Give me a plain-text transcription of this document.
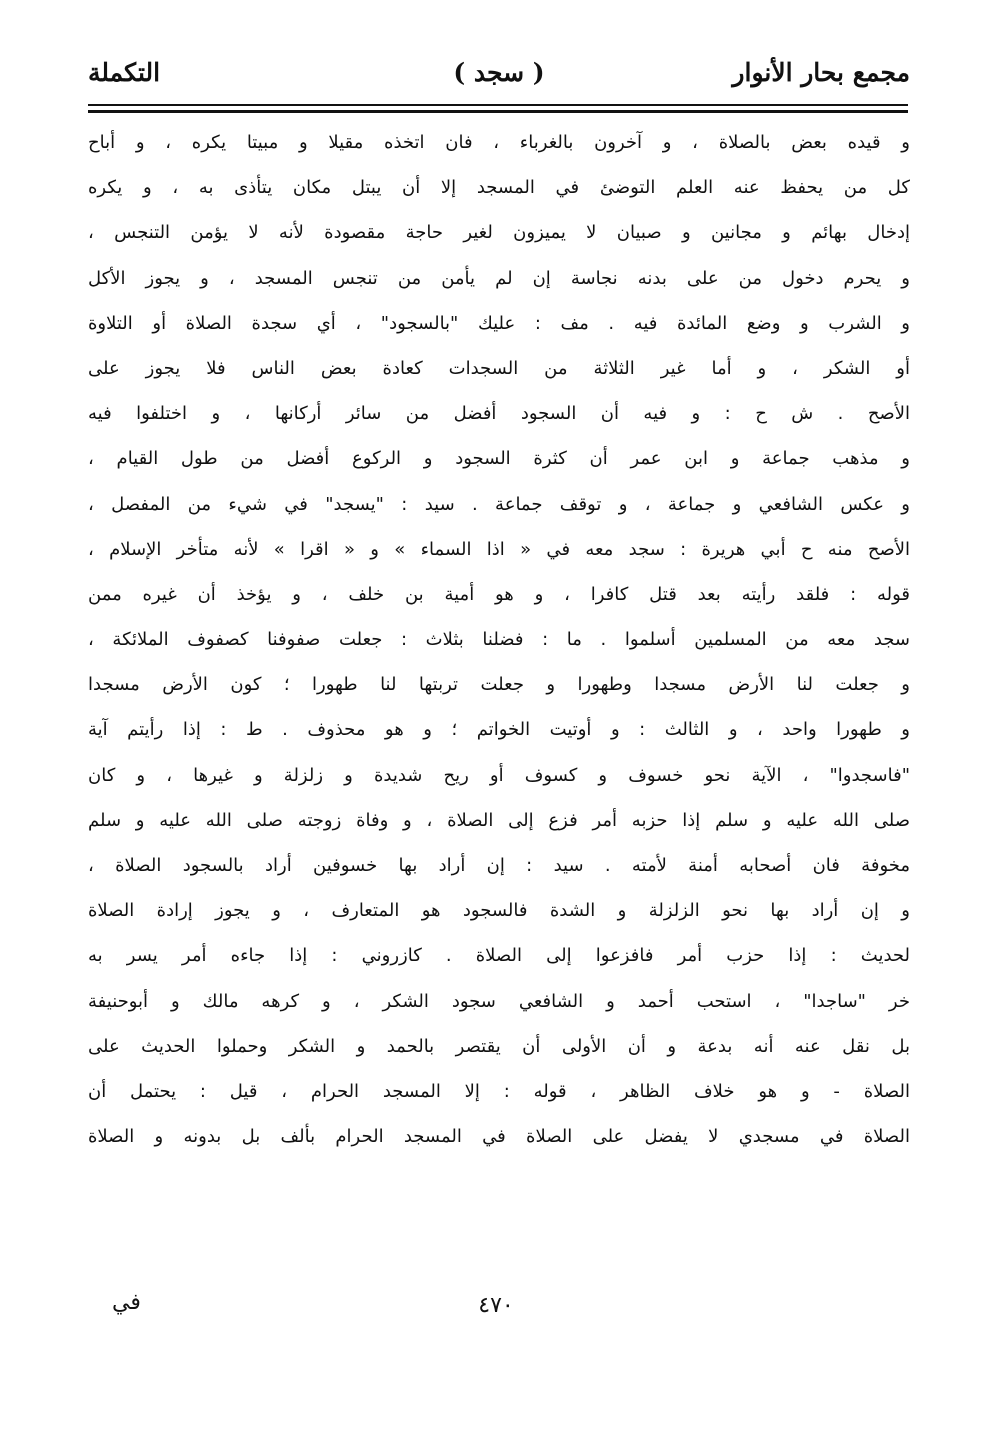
مجمع بحار الأنوار
( سجد )
التكملة
و قيده بعض بالصلاة ، و آخرون بالغرباء ، فان اتخذه مقيلا و مبيتا يكره ، و أباح
كل من يحفظ عنه العلم التوضئ في المسجد إلا أن يبتل مكان يتأذى به ، و يكره
إدخال بهائم و مجانين و صبيان لا يميزون لغير حاجة مقصودة لأنه لا يؤمن التنجس ،
و يحرم دخول من على بدنه نجاسة إن لم يأمن من تنجس المسجد ، و يجوز الأكل
و الشرب و وضع المائدة فيه . مف : عليك "بالسجود" ، أي سجدة الصلاة أو التلاوة
أو الشكر ، و أما غير الثلاثة من السجدات كعادة بعض الناس فلا يجوز على
الأصح . ش ح : و فيه أن السجود أفضل من سائر أركانها ، و اختلفوا فيه
و مذهب جماعة و ابن عمر أن كثرة السجود و الركوع أفضل من طول القيام ،
و عكس الشافعي و جماعة ، و توقف جماعة . سيد : "يسجد" في شيء من المفصل ،
الأصح منه ح أبي هريرة : سجد معه في « اذا السماء » و « اقرا » لأنه متأخر الإسلام ،
قوله : فلقد رأيته بعد قتل كافرا ، و هو أمية بن خلف ، و يؤخذ أن غيره ممن
سجد معه من المسلمين أسلموا . ما : فضلنا بثلاث : جعلت صفوفنا كصفوف الملائكة ،
و جعلت لنا الأرض مسجدا وطهورا و جعلت تربتها لنا طهورا ؛ كون الأرض مسجدا
و طهورا واحد ، و الثالث : و أوتيت الخواتم ؛ و هو محذوف . ط : إذا رأيتم آية
"فاسجدوا" ، الآية نحو خسوف و كسوف أو ريح شديدة و زلزلة و غيرها ، و كان
صلى الله عليه و سلم إذا حزبه أمر فزع إلى الصلاة ، و وفاة زوجته صلى الله عليه و سلم
مخوفة فان أصحابه أمنة لأمته . سيد : إن أراد بها خسوفين أراد بالسجود الصلاة ،
و إن أراد بها نحو الزلزلة و الشدة فالسجود هو المتعارف ، و يجوز إرادة الصلاة
لحديث : إذا حزب أمر فافزعوا إلى الصلاة . كازروني : إذا جاءه أمر يسر به
خر "ساجدا" ، استحب أحمد و الشافعي سجود الشكر ، و كرهه مالك و أبوحنيفة
بل نقل عنه أنه بدعة و أن الأولى أن يقتصر بالحمد و الشكر وحملوا الحديث على
الصلاة - و هو خلاف الظاهر ، قوله : إلا المسجد الحرام ، قيل : يحتمل أن
الصلاة في مسجدي لا يفضل على الصلاة في المسجد الحرام بألف بل بدونه و الصلاة
٤٧٠
في
